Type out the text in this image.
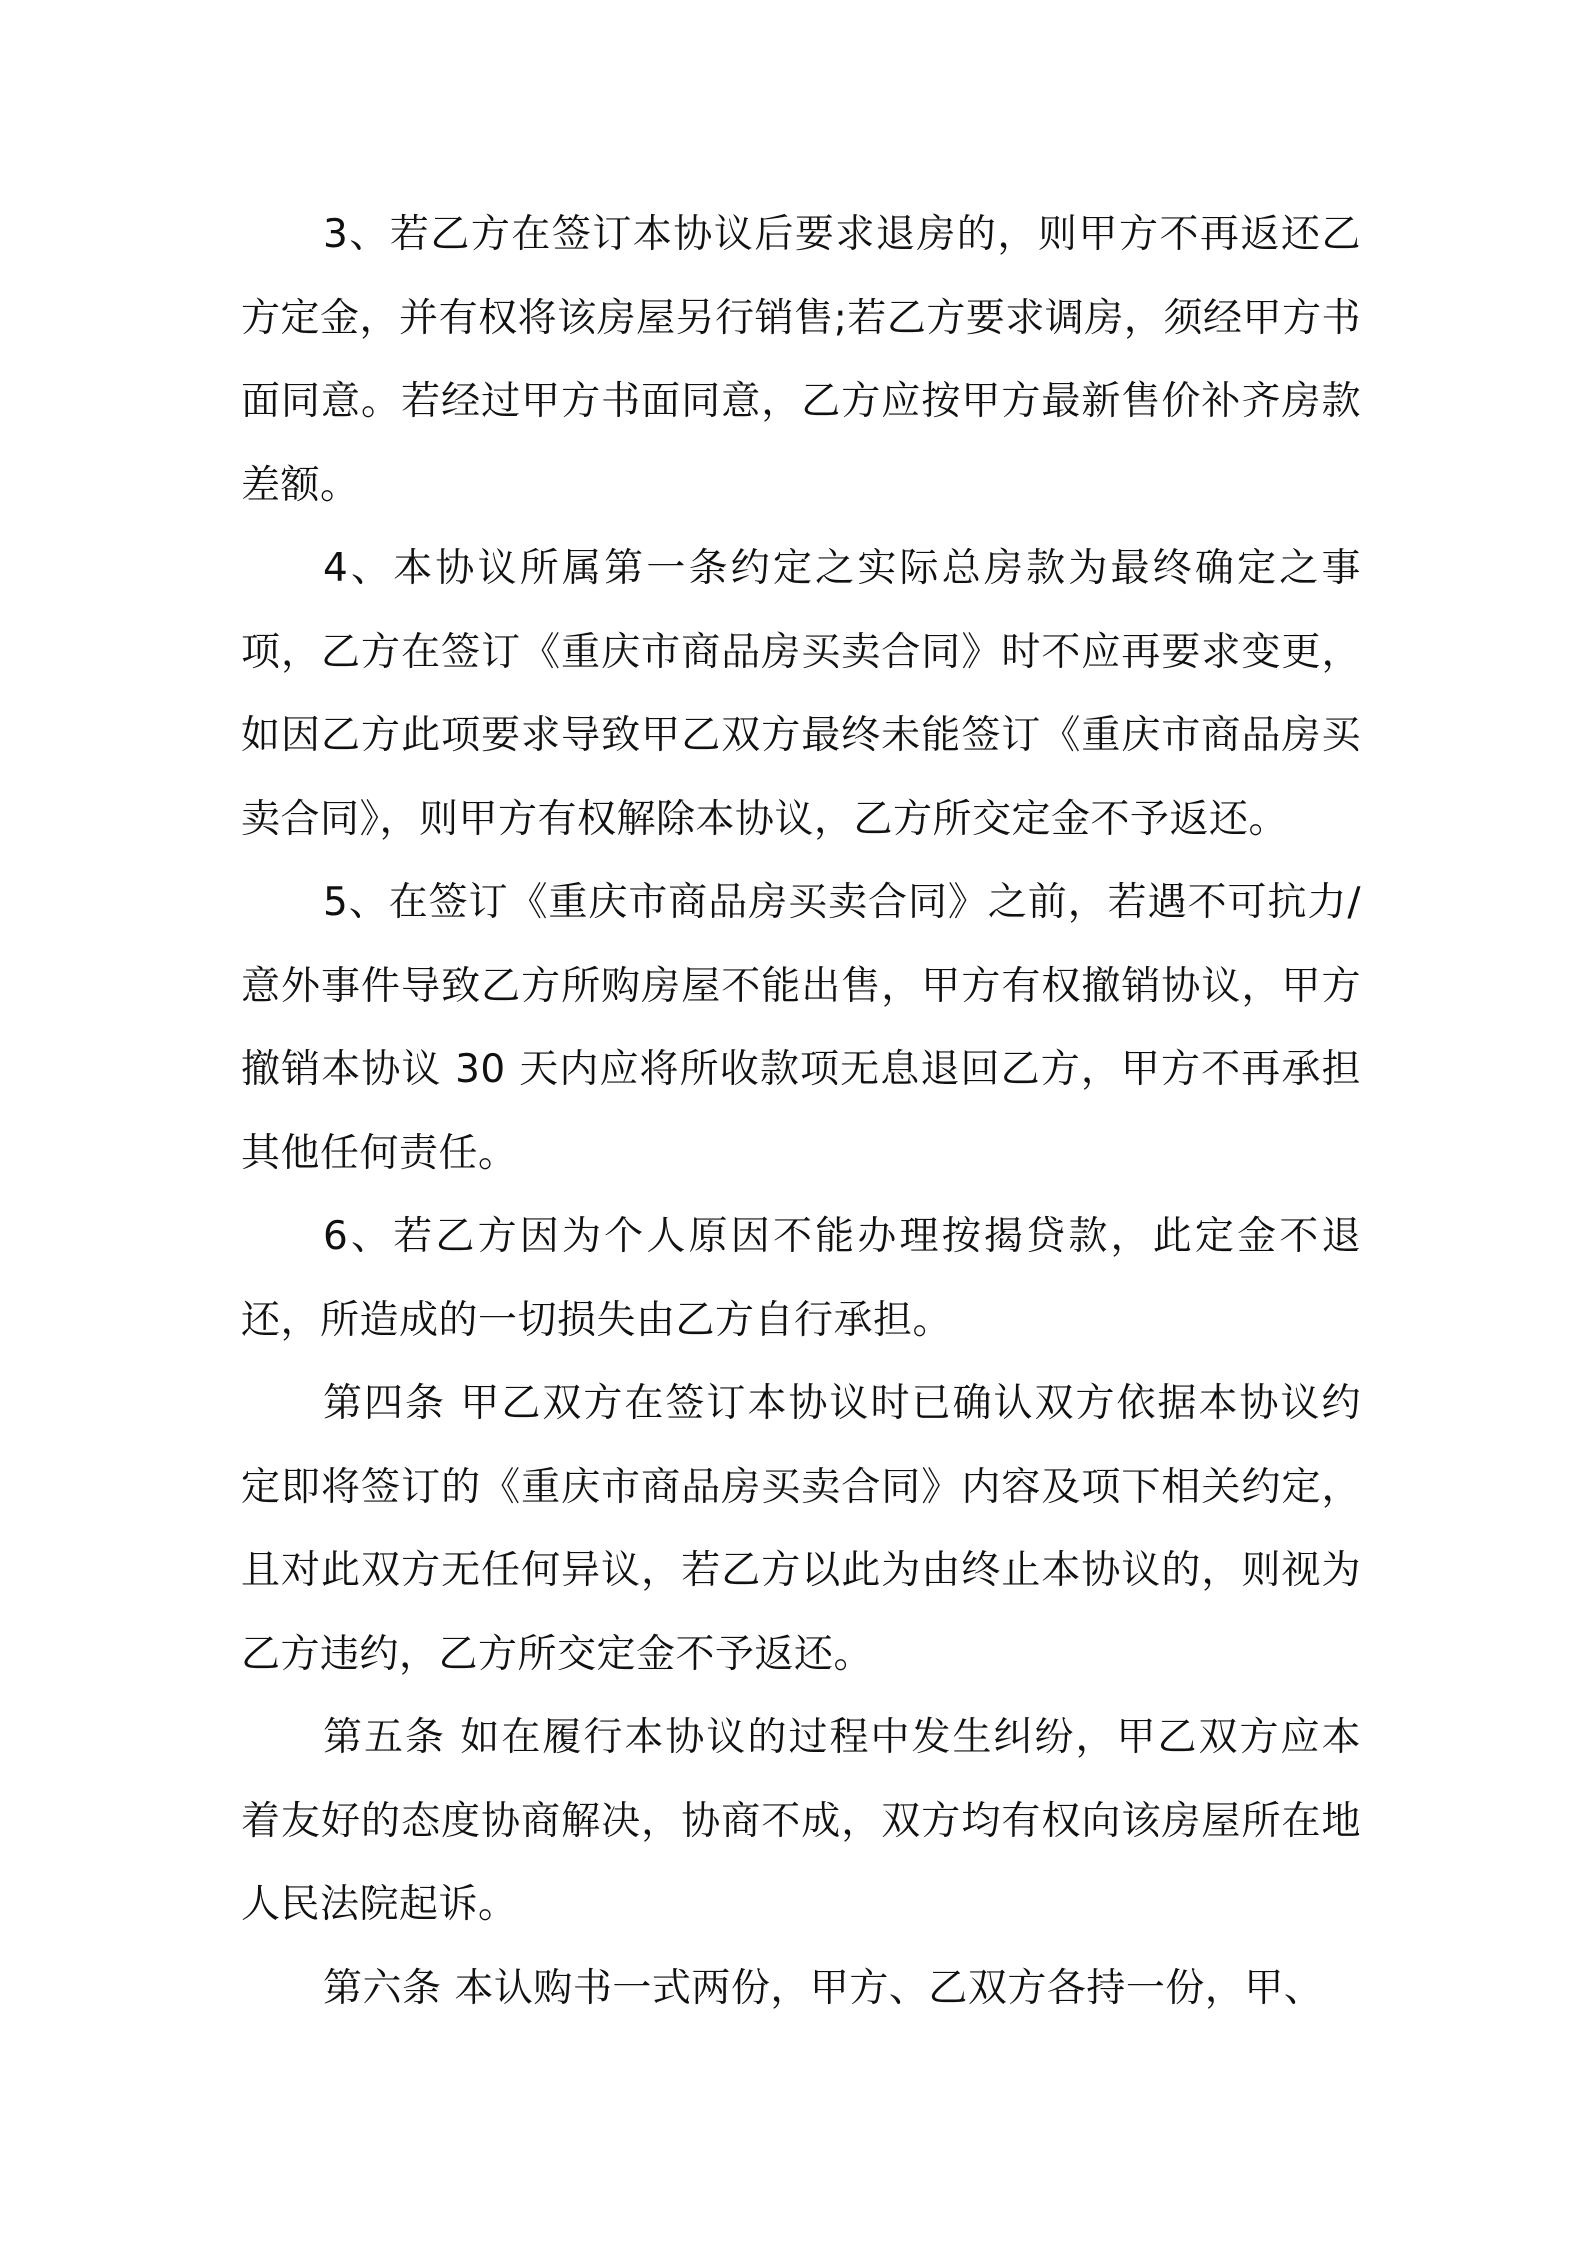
3、若乙方在签订本协议后要求退房的，则甲方不再返还乙方定金，并有权将该房屋另行销售;若乙方要求调房，须经甲方书面同意。若经过甲方书面同意，乙方应按甲方最新售价补齐房款差额。

4、本协议所属第一条约定之实际总房款为最终确定之事项，乙方在签订《重庆市商品房买卖合同》时不应再要求变更，如因乙方此项要求导致甲乙双方最终未能签订《重庆市商品房买卖合同》，则甲方有权解除本协议，乙方所交定金不予返还。

5、在签订《重庆市商品房买卖合同》之前，若遇不可抗力/意外事件导致乙方所购房屋不能出售，甲方有权撤销协议，甲方撤销本协议 30 天内应将所收款项无息退回乙方，甲方不再承担其他任何责任。

6、若乙方因为个人原因不能办理按揭贷款，此定金不退还，所造成的一切损失由乙方自行承担。

第四条 甲乙双方在签订本协议时已确认双方依据本协议约定即将签订的《重庆市商品房买卖合同》内容及项下相关约定，且对此双方无任何异议，若乙方以此为由终止本协议的，则视为乙方违约，乙方所交定金不予返还。

第五条 如在履行本协议的过程中发生纠纷，甲乙双方应本着友好的态度协商解决，协商不成，双方均有权向该房屋所在地人民法院起诉。

第六条 本认购书一式两份，甲方、乙双方各持一份，甲、
